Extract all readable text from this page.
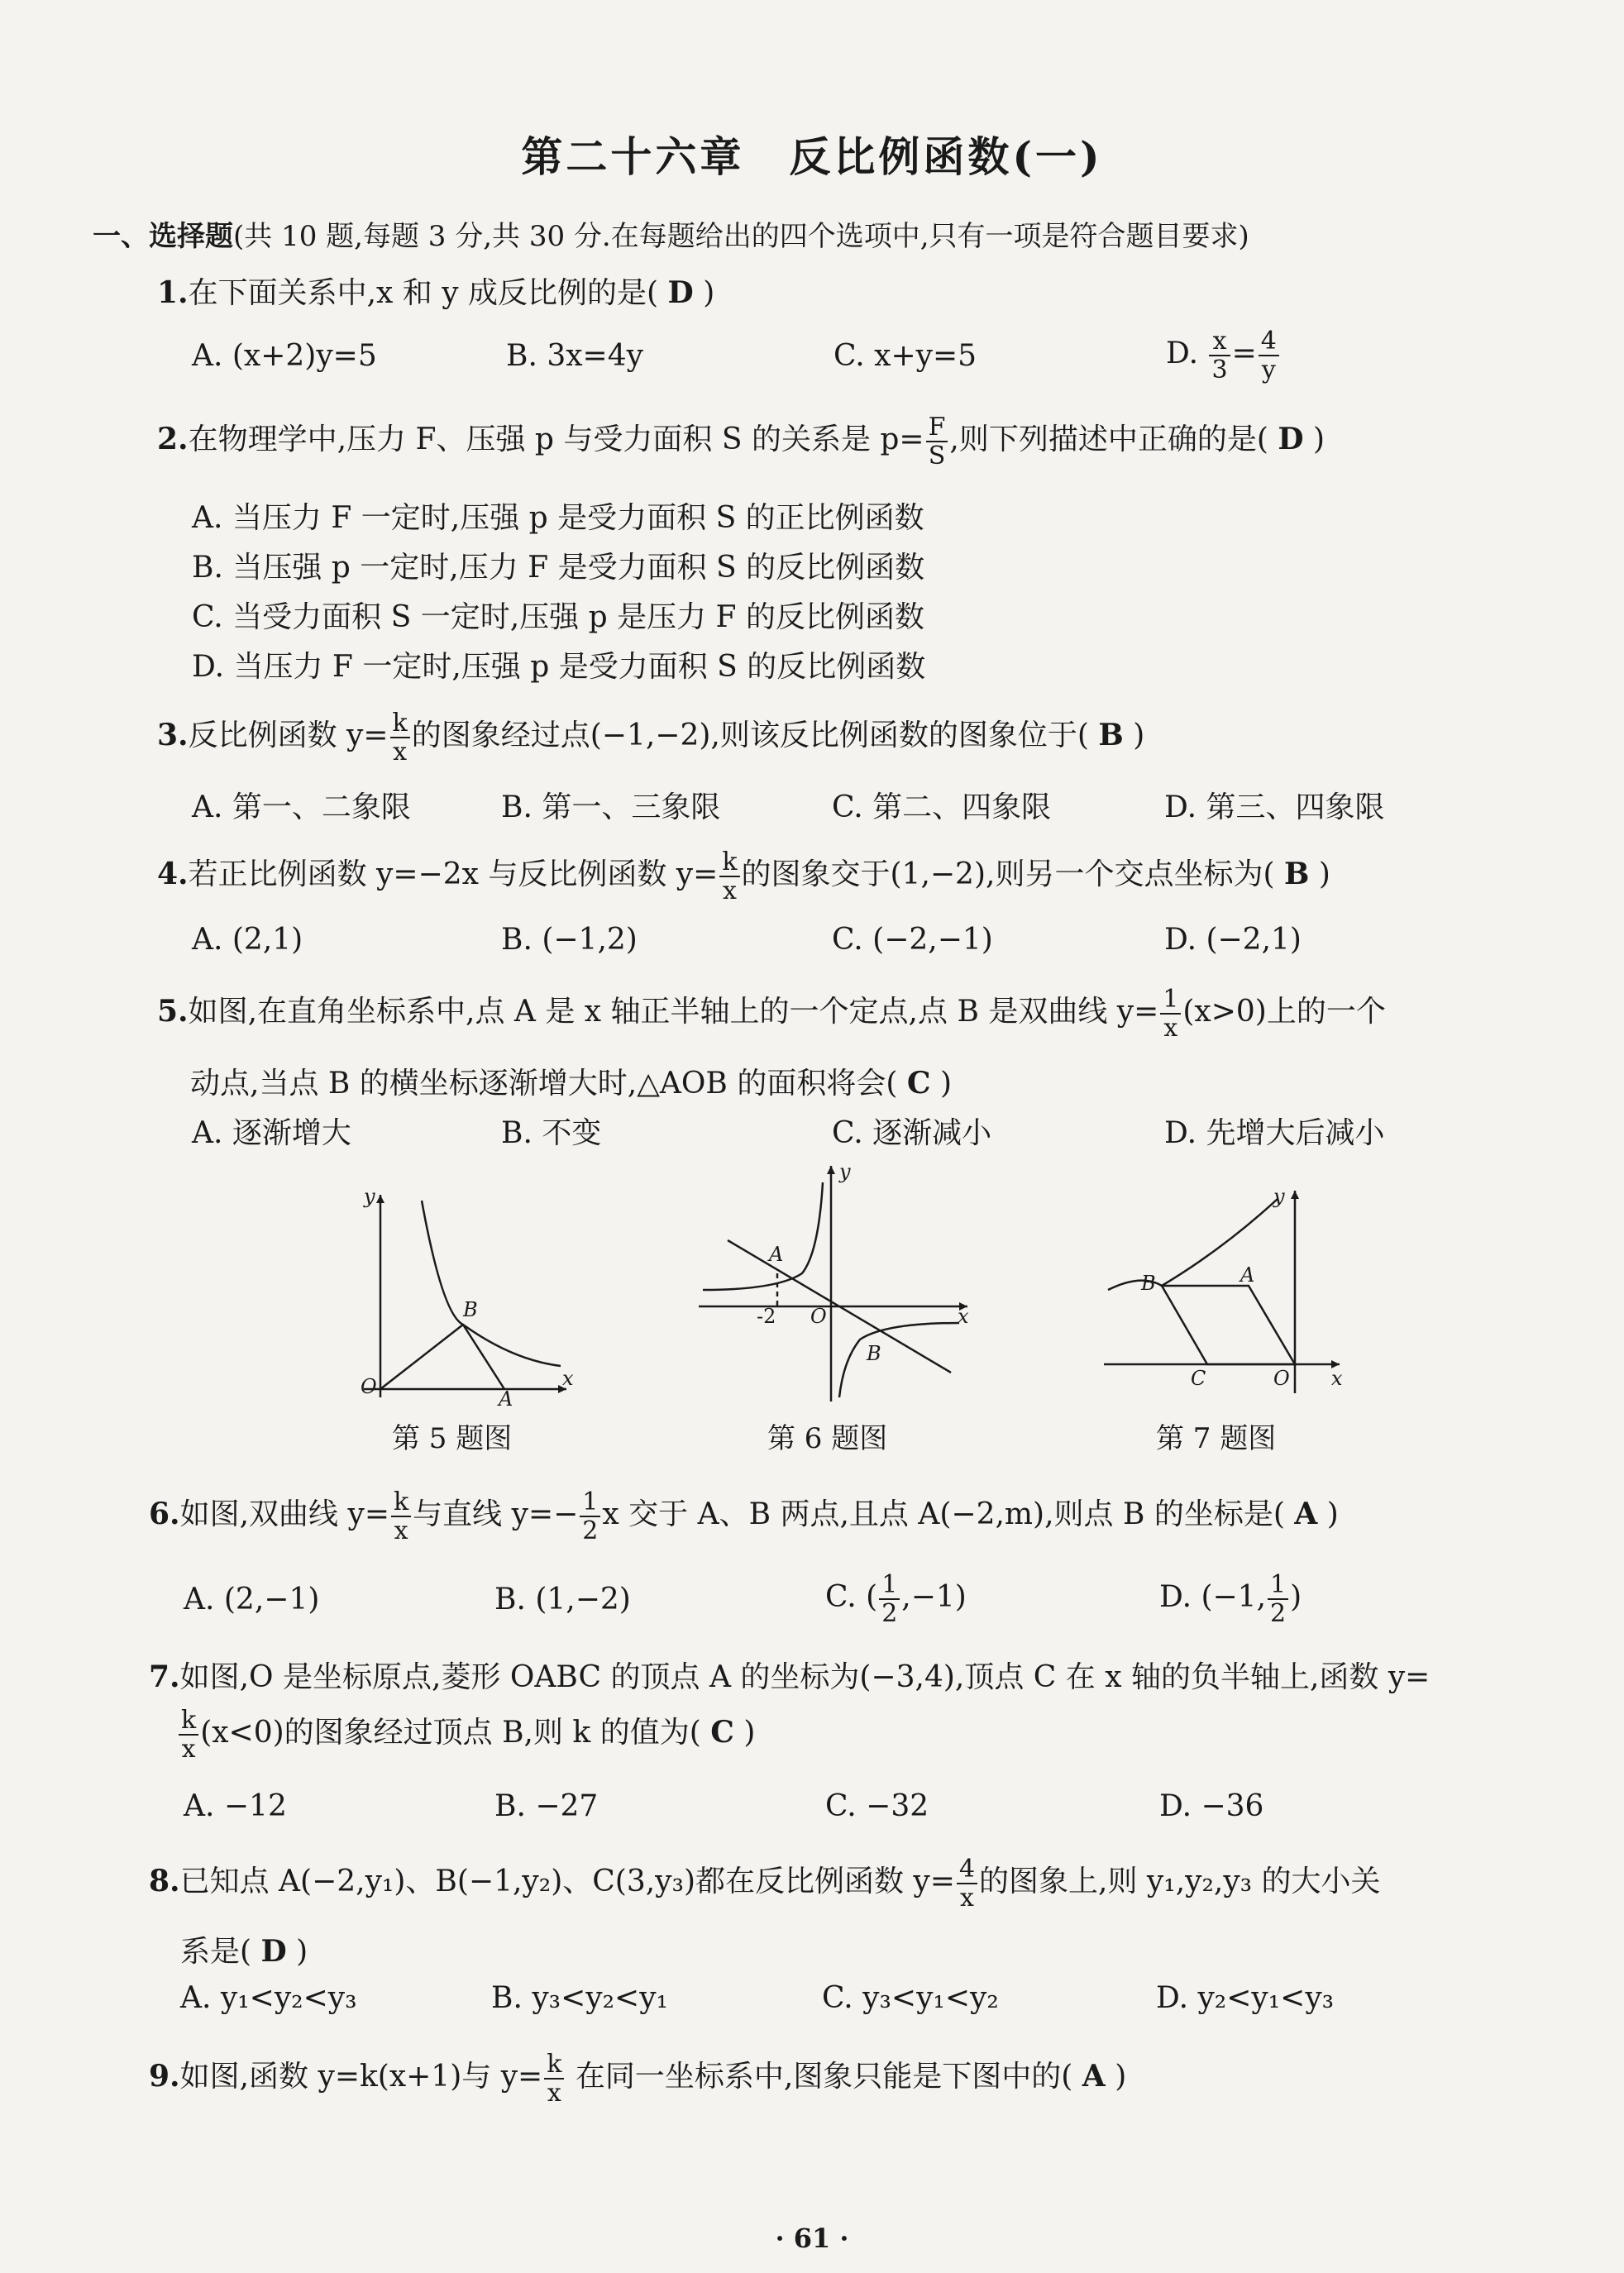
第二十六章　反比例函数(一)
一、选择题(共 10 题,每题 3 分,共 30 分.在每题给出的四个选项中,只有一项是符合题目要求)
1.在下面关系中,x 和 y 成反比例的是( D )
A. (x+2)y=5	B. 3x=4y	C. x+y=5	D. $\frac{x}{3} = \frac{4}{y}$
2.在物理学中,压力 F、压强 p 与受力面积 S 的关系是 $p= \frac{F}{S}$ ,则下列描述中正确的是( D )
A. 当压力 F 一定时,压强 p 是受力面积 S 的正比例函数
B. 当压强 p 一定时,压力 F 是受力面积 S 的反比例函数
C. 当受力面积 S 一定时,压强 p 是压力 F 的反比例函数
D. 当压力 F 一定时,压强 p 是受力面积 S 的反比例函数
3.反比例函数 $y= \frac{k}{x}$ 的图象经过点(−1,−2),则该反比例函数的图象位于( B )
A. 第一、二象限	B. 第一、三象限	C. 第二、四象限	D. 第三、四象限
4.若正比例函数 y=−2x 与反比例函数 $y= \frac{k}{x}$ 的图象交于(1,−2),则另一个交点坐标为( B )
A. (2,1)	B. (−1,2)	C. (−2,−1)	D. (−2,1)
5.如图,在直角坐标系中,点 A 是 x 轴正半轴上的一个定点,点 B 是双曲线 $y= \frac{1}{x} (x>0)$上的一个
动点,当点 B 的横坐标逐渐增大时,△AOB 的面积将会( C )
A. 逐渐增大	B. 不变	C. 逐渐减小	D. 先增大后减小
y
x
O
B
A
第 5 题图
y
x
O
A
B
-2
第 6 题图
y
x
O
B	A
C
第 7 题图
6.如图,双曲线 $y= \frac{k}{x}$ 与直线 $y=- \frac{1}{2}$ x 交于 A、B 两点,且点 A(−2,m),则点 B 的坐标是( A )
A. (2,−1)	B. (1,−2)	C. ( $\frac{1}{2} ,-1$)	D. (−1, $\frac{1}{2}$ )
7.如图,O 是坐标原点,菱形 OABC 的顶点 A 的坐标为(−3,4),顶点 C 在 x 轴的负半轴上,函数 y=
$\frac{k}{x} (x<0)$的图象经过顶点 B,则 k 的值为( C )
A. −12	B. −27	C. −32	D. −36
8.已知点 A(−2,y₁)、B(−1,y₂)、C(3,y₃)都在反比例函数 $y= \frac{4}{x}$ 的图象上,则 y₁,y₂,y₃ 的大小关
系是( D )
A. y₁<y₂<y₃	B. y₃<y₂<y₁	C. y₃<y₁<y₂	D. y₂<y₁<y₃
9.如图,函数 y=k(x+1)与 $y= \frac{k}{x}$ 在同一坐标系中,图象只能是下图中的( A )
· 61 ·
